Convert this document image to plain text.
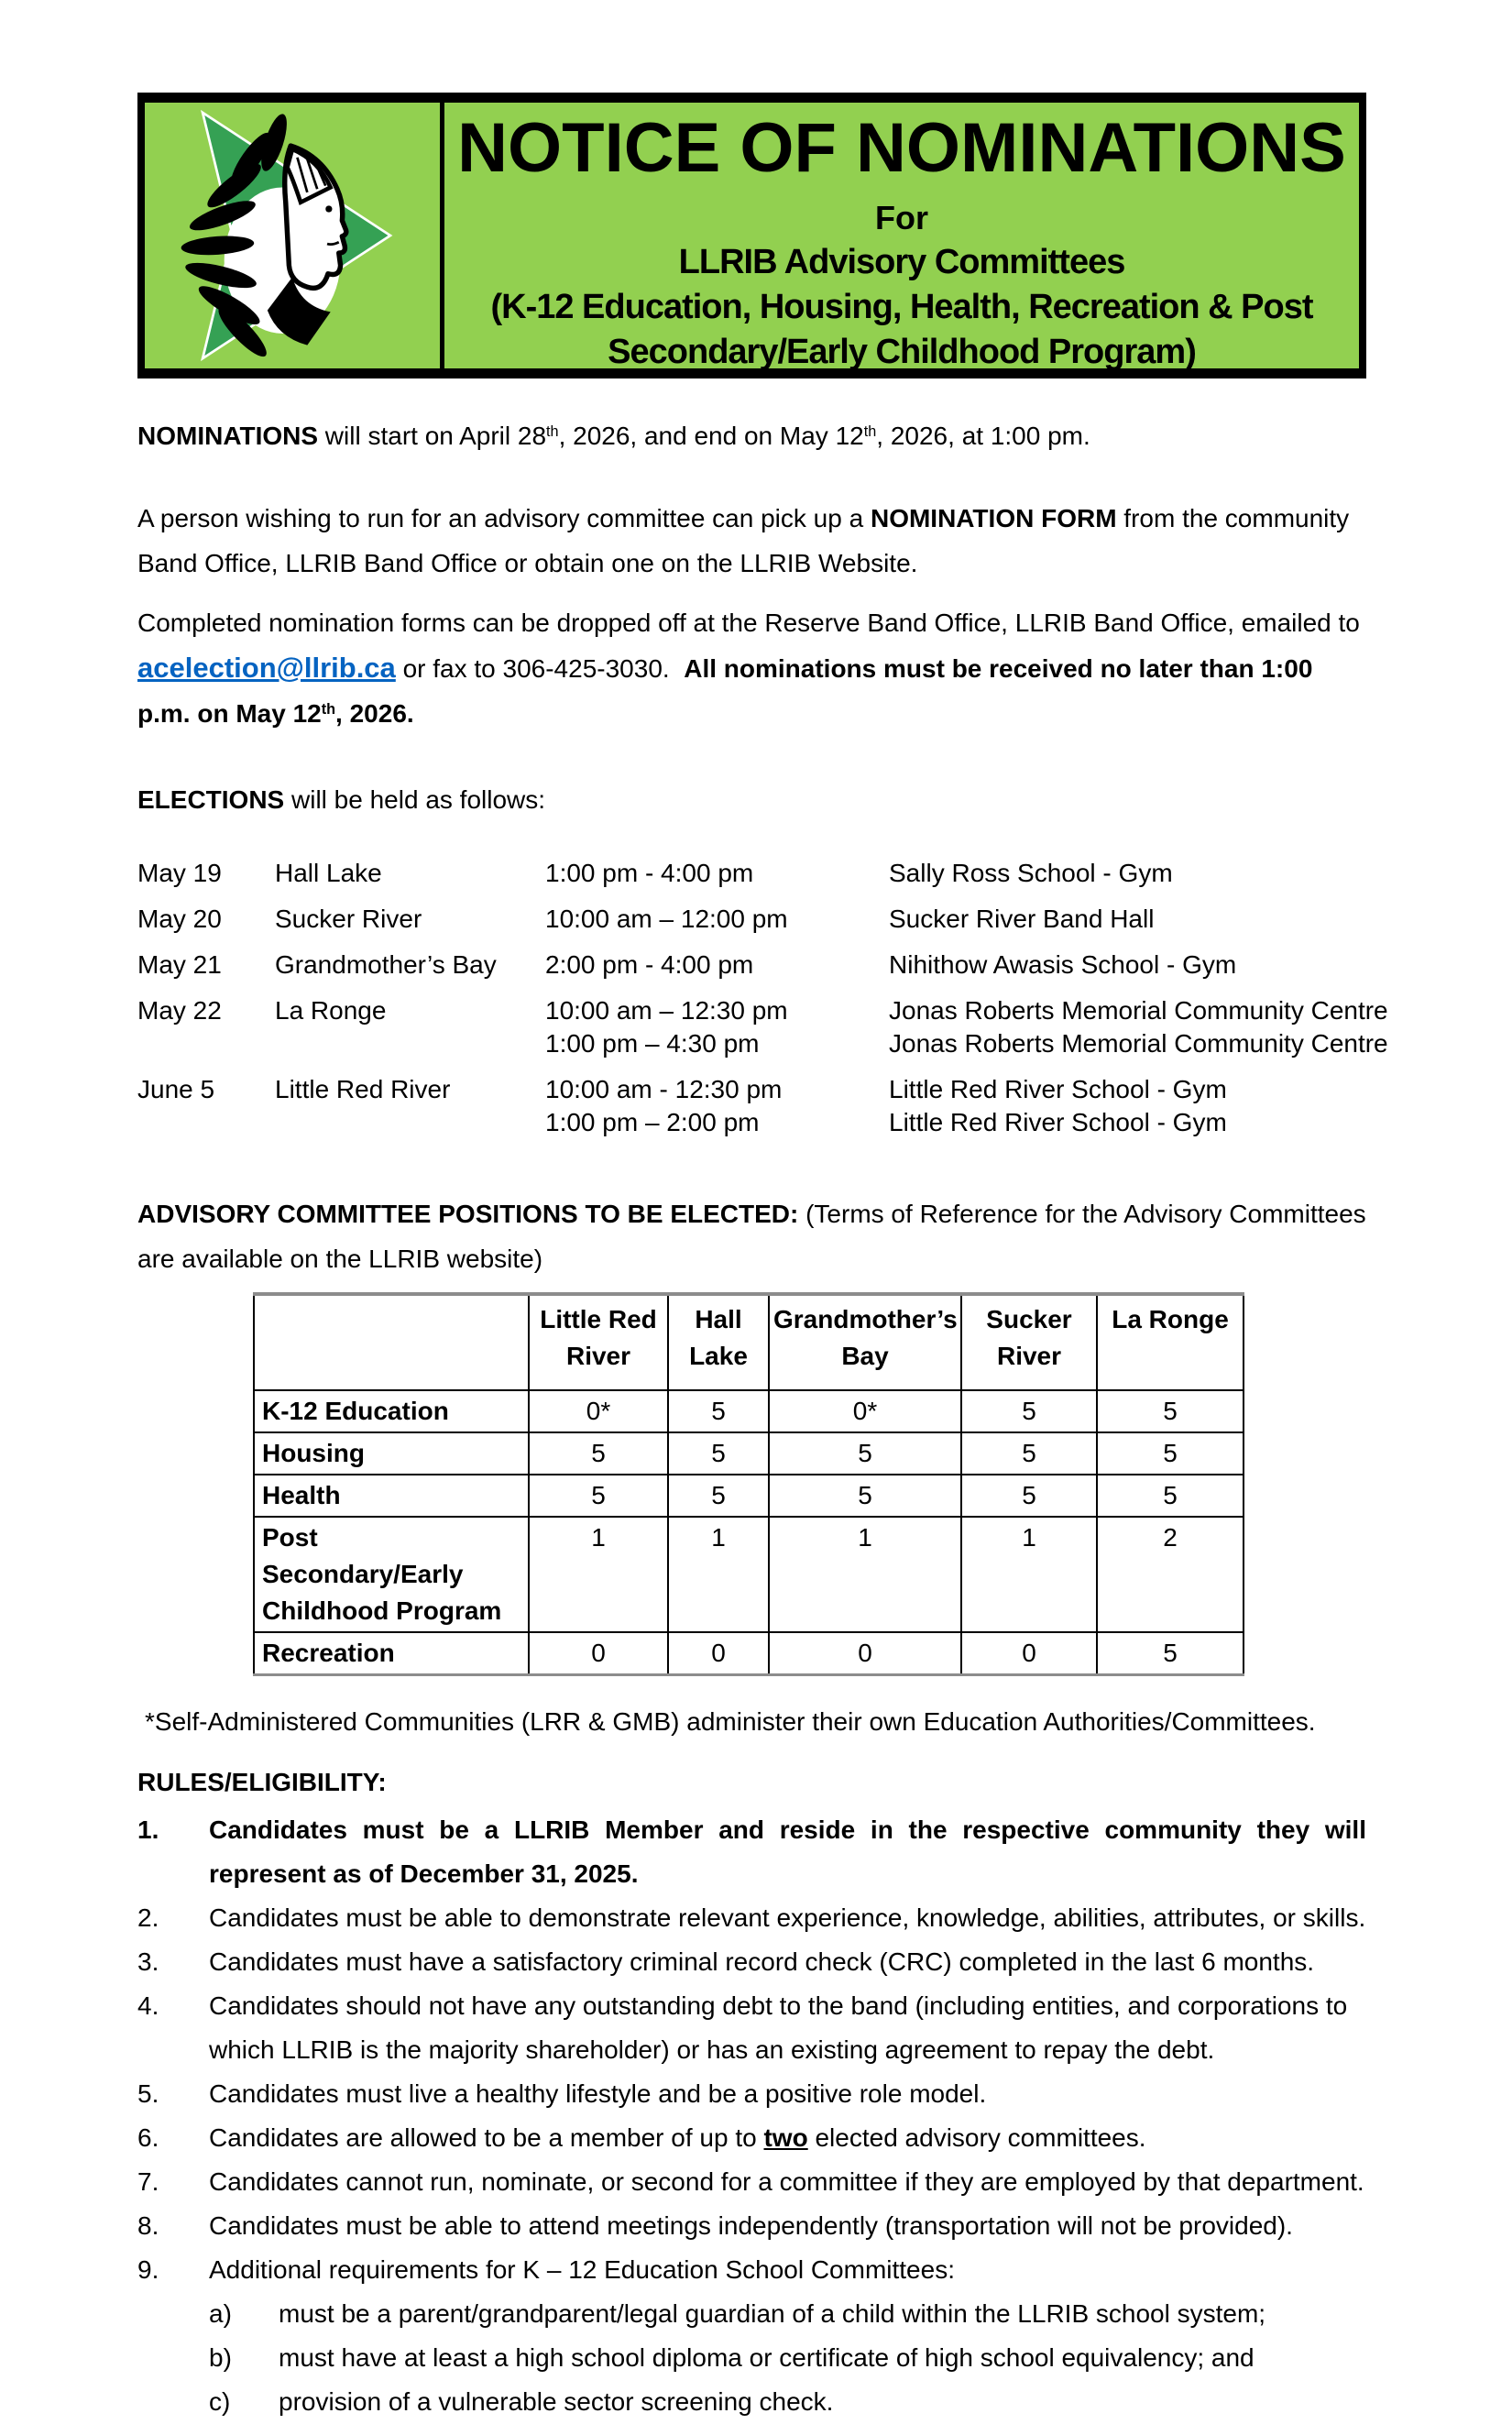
NOTICE OF NOMINATIONS
For
LLRIB Advisory Committees
(K-12 Education, Housing, Health, Recreation & Post
Secondary/Early Childhood Program)
NOMINATIONS will start on April 28th, 2026, and end on May 12th, 2026, at 1:00 pm.
A person wishing to run for an advisory committee can pick up a NOMINATION FORM from the community Band Office, LLRIB Band Office or obtain one on the LLRIB Website.
Completed nomination forms can be dropped off at the Reserve Band Office, LLRIB Band Office, emailed to acelection@llrib.ca or fax to 306-425-3030.  All nominations must be received no later than 1:00 p.m. on May 12th, 2026.
ELECTIONS will be held as follows:
May 19 Hall Lake	1:00 pm - 4:00 pm	Sally Ross School - Gym
May 20 Sucker River	10:00 am – 12:00 pm	Sucker River Band Hall
May 21 Grandmother’s Bay 2:00 pm - 4:00 pm	Nihithow Awasis School - Gym
May 22 La Ronge	10:00 am – 12:30 pm	Jonas Roberts Memorial Community Centre
1:00 pm – 4:30 pm	Jonas Roberts Memorial Community Centre
June 5 Little Red River	10:00 am - 12:30 pm	Little Red River School - Gym
1:00 pm – 2:00 pm	Little Red River School - Gym
ADVISORY COMMITTEE POSITIONS TO BE ELECTED: (Terms of Reference for the Advisory Committees are available on the LLRIB website)
	Little Red River	Hall Lake	Grandmother’s Bay	Sucker River	La Ronge
K-12 Education	0*	5	0*	5	5
Housing	5	5	5	5	5
Health	5	5	5	5	5
Post Secondary/Early Childhood Program	1	1	1	1	2
Recreation	0	0	0	0	5
*Self-Administered Communities (LRR & GMB) administer their own Education Authorities/Committees.
RULES/ELIGIBILITY:
1. Candidates must be a LLRIB Member and reside in the respective community they will represent as of December 31, 2025.
2. Candidates must be able to demonstrate relevant experience, knowledge, abilities, attributes, or skills.
3. Candidates must have a satisfactory criminal record check (CRC) completed in the last 6 months.
4. Candidates should not have any outstanding debt to the band (including entities, and corporations to which LLRIB is the majority shareholder) or has an existing agreement to repay the debt.
5. Candidates must live a healthy lifestyle and be a positive role model.
6. Candidates are allowed to be a member of up to two elected advisory committees.
7. Candidates cannot run, nominate, or second for a committee if they are employed by that department.
8. Candidates must be able to attend meetings independently (transportation will not be provided).
9. Additional requirements for K – 12 Education School Committees:
a) must be a parent/grandparent/legal guardian of a child within the LLRIB school system;
b) must have at least a high school diploma or certificate of high school equivalency; and
c) provision of a vulnerable sector screening check.
